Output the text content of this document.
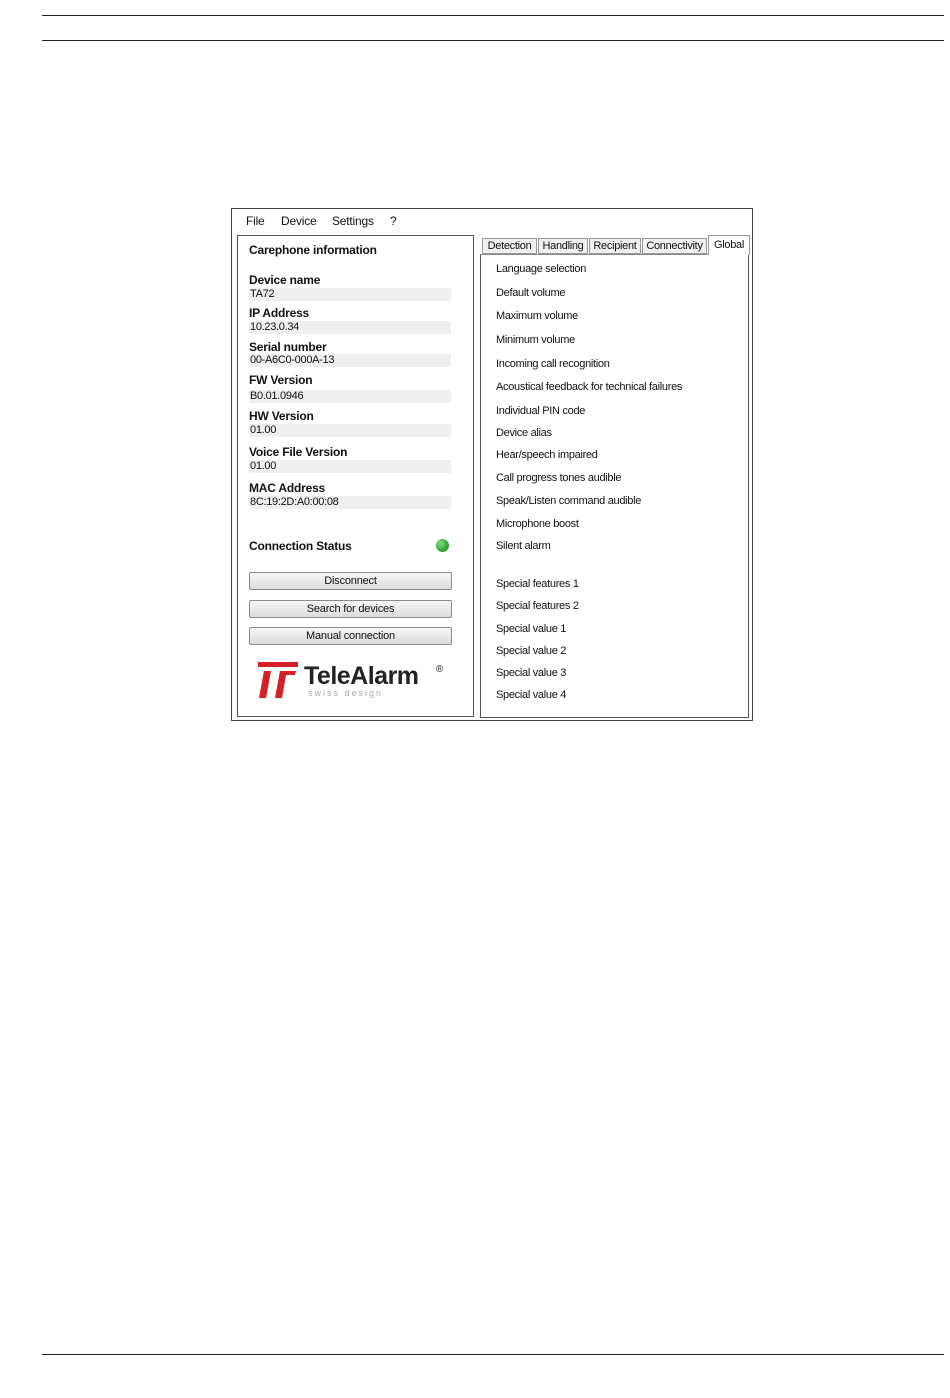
File Device Settings ?
Carephone information
Device name
TA72
IP Address
10.23.0.34
Serial number
00-A6C0-000A-13
FW Version
B0.01.0946
HW Version
01.00
Voice File Version
01.00
MAC Address
8C:19:2D:A0:00:08
Connection Status
Disconnect
Search for devices
Manual connection
TeleAlarm ®
swiss design
Detection	Handling Recipient Connectivity	Global
Language selection
Default volume
Maximum volume
Minimum volume
Incoming call recognition
Acoustical feedback for technical failures
Individual PIN code
Device alias
Hear/speech impaired
Call progress tones audible
Speak/Listen command audible
Microphone boost
Silent alarm
Special features 1
Special features 2
Special value 1
Special value 2
Special value 3
Special value 4
